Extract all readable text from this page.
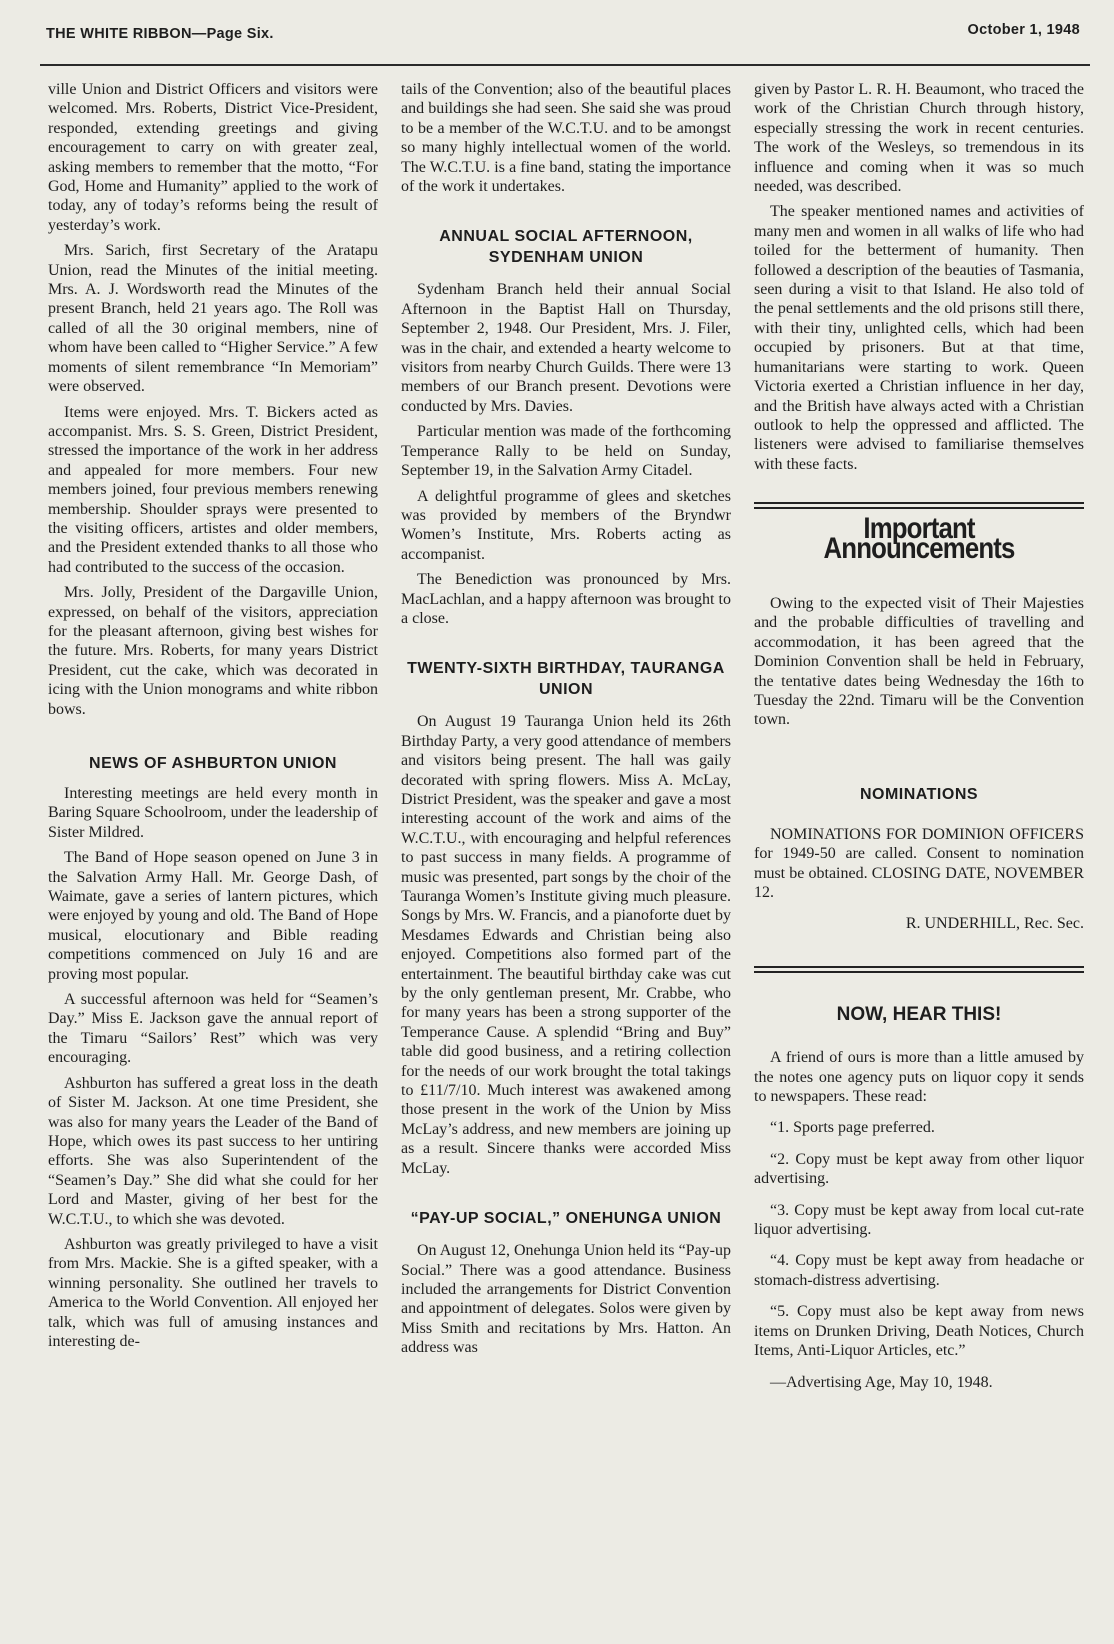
THE WHITE RIBBON—Page Six.	October 1, 1948

ville Union and District Officers and visitors were welcomed. Mrs. Roberts, District Vice-President, responded, extending greetings and giving encouragement to carry on with greater zeal, asking members to remember that the motto, “For God, Home and Humanity” applied to the work of today, any of today’s reforms being the result of yesterday’s work.

Mrs. Sarich, first Secretary of the Aratapu Union, read the Minutes of the initial meeting. Mrs. A. J. Wordsworth read the Minutes of the present Branch, held 21 years ago. The Roll was called of all the 30 original members, nine of whom have been called to “Higher Service.” A few moments of silent remembrance “In Memoriam” were observed.

Items were enjoyed. Mrs. T. Bickers acted as accompanist. Mrs. S. S. Green, District President, stressed the importance of the work in her address and appealed for more members. Four new members joined, four previous members renewing membership. Shoulder sprays were presented to the visiting officers, artistes and older members, and the President extended thanks to all those who had contributed to the success of the occasion.

Mrs. Jolly, President of the Dargaville Union, expressed, on behalf of the visitors, appreciation for the pleasant afternoon, giving best wishes for the future. Mrs. Roberts, for many years District President, cut the cake, which was decorated in icing with the Union monograms and white ribbon bows.

NEWS OF ASHBURTON UNION

Interesting meetings are held every month in Baring Square Schoolroom, under the leadership of Sister Mildred.

The Band of Hope season opened on June 3 in the Salvation Army Hall. Mr. George Dash, of Waimate, gave a series of lantern pictures, which were enjoyed by young and old. The Band of Hope musical, elocutionary and Bible reading competitions commenced on July 16 and are proving most popular.

A successful afternoon was held for “Seamen’s Day.” Miss E. Jackson gave the annual report of the Timaru “Sailors’ Rest” which was very encouraging.

Ashburton has suffered a great loss in the death of Sister M. Jackson. At one time President, she was also for many years the Leader of the Band of Hope, which owes its past success to her untiring efforts. She was also Superintendent of the “Seamen’s Day.” She did what she could for her Lord and Master, giving of her best for the W.C.T.U., to which she was devoted.

Ashburton was greatly privileged to have a visit from Mrs. Mackie. She is a gifted speaker, with a winning personality. She outlined her travels to America to the World Convention. All enjoyed her talk, which was full of amusing instances and interesting de-

tails of the Convention; also of the beautiful places and buildings she had seen. She said she was proud to be a member of the W.C.T.U. and to be amongst so many highly intellectual women of the world. The W.C.T.U. is a fine band, stating the importance of the work it undertakes.

ANNUAL SOCIAL AFTERNOON, SYDENHAM UNION

Sydenham Branch held their annual Social Afternoon in the Baptist Hall on Thursday, September 2, 1948. Our President, Mrs. J. Filer, was in the chair, and extended a hearty welcome to visitors from nearby Church Guilds. There were 13 members of our Branch present. Devotions were conducted by Mrs. Davies.

Particular mention was made of the forthcoming Temperance Rally to be held on Sunday, September 19, in the Salvation Army Citadel.

A delightful programme of glees and sketches was provided by members of the Bryndwr Women’s Institute, Mrs. Roberts acting as accompanist.

The Benediction was pronounced by Mrs. MacLachlan, and a happy afternoon was brought to a close.

TWENTY-SIXTH BIRTHDAY, TAURANGA UNION

On August 19 Tauranga Union held its 26th Birthday Party, a very good attendance of members and visitors being present. The hall was gaily decorated with spring flowers. Miss A. McLay, District President, was the speaker and gave a most interesting account of the work and aims of the W.C.T.U., with encouraging and helpful references to past success in many fields. A programme of music was presented, part songs by the choir of the Tauranga Women’s Institute giving much pleasure. Songs by Mrs. W. Francis, and a pianoforte duet by Mesdames Edwards and Christian being also enjoyed. Competitions also formed part of the entertainment. The beautiful birthday cake was cut by the only gentleman present, Mr. Crabbe, who for many years has been a strong supporter of the Temperance Cause. A splendid “Bring and Buy” table did good business, and a retiring collection for the needs of our work brought the total takings to £11/7/10. Much interest was awakened among those present in the work of the Union by Miss McLay’s address, and new members are joining up as a result. Sincere thanks were accorded Miss McLay.

“PAY-UP SOCIAL,” ONEHUNGA UNION

On August 12, Onehunga Union held its “Pay-up Social.” There was a good attendance. Business included the arrangements for District Convention and appointment of delegates. Solos were given by Miss Smith and recitations by Mrs. Hatton. An address was

given by Pastor L. R. H. Beaumont, who traced the work of the Christian Church through history, especially stressing the work in recent centuries. The work of the Wesleys, so tremendous in its influence and coming when it was so much needed, was described.

The speaker mentioned names and activities of many men and women in all walks of life who had toiled for the betterment of humanity. Then followed a description of the beauties of Tasmania, seen during a visit to that Island. He also told of the penal settlements and the old prisons still there, with their tiny, unlighted cells, which had been occupied by prisoners. But at that time, humanitarians were starting to work. Queen Victoria exerted a Christian influence in her day, and the British have always acted with a Christian outlook to help the oppressed and afflicted. The listeners were advised to familiarise themselves with these facts.

Important Announcements

Owing to the expected visit of Their Majesties and the probable difficulties of travelling and accommodation, it has been agreed that the Dominion Convention shall be held in February, the tentative dates being Wednesday the 16th to Tuesday the 22nd. Timaru will be the Convention town.

NOMINATIONS

NOMINATIONS FOR DOMINION OFFICERS for 1949-50 are called. Consent to nomination must be obtained. CLOSING DATE, NOVEMBER 12.

R. UNDERHILL, Rec. Sec.

NOW, HEAR THIS!

A friend of ours is more than a little amused by the notes one agency puts on liquor copy it sends to newspapers. These read:

“1. Sports page preferred.

“2. Copy must be kept away from other liquor advertising.

“3. Copy must be kept away from local cut-rate liquor advertising.

“4. Copy must be kept away from headache or stomach-distress advertising.

“5. Copy must also be kept away from news items on Drunken Driving, Death Notices, Church Items, Anti-Liquor Articles, etc.”

—Advertising Age, May 10, 1948.
